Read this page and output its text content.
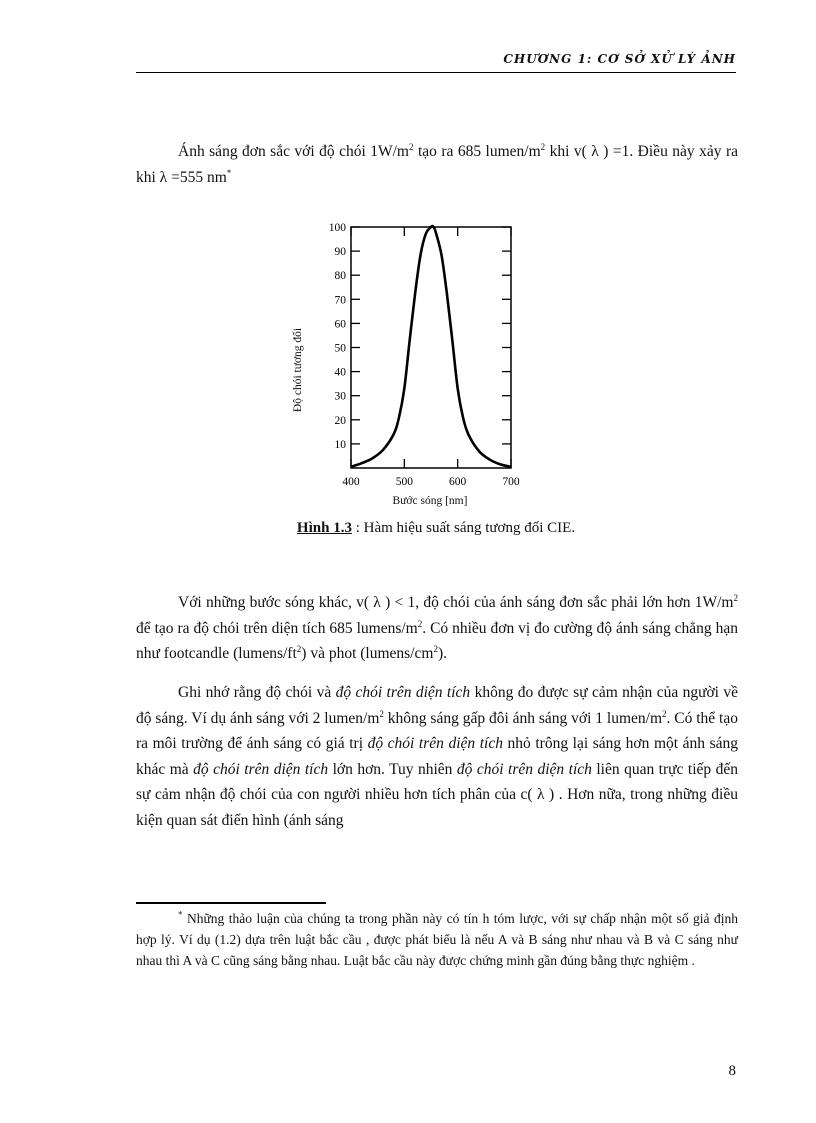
CHƯƠNG 1: CƠ SỞ XỬ LÝ ẢNH

Ánh sáng đơn sắc với độ chói $1W/m^2$ tạo ra 685 lumen/$m^2$ khi v( λ ) =1. Điều này xảy ra khi λ =555 nm*

10
20
30
40
50
60
70
80
90
100
400	500	600	700
Độ chói tương đối
Bước sóng [nm]
Hình 1.3 : Hàm hiệu suất sáng tương đối CIE.

Với những bước sóng khác, v( λ ) < 1, độ chói của ánh sáng đơn sắc phải lớn hơn $1W/m^2$ để tạo ra độ chói trên diện tích 685 lumens/$m^2$. Có nhiều đơn vị đo cường độ ánh sáng chẳng hạn như footcandle $(lumens/ft^2)$ và phot $(lumens/cm^2)$.

Ghi nhớ rằng độ chói và độ chói trên diện tích không đo được sự cảm nhận của người về độ sáng. Ví dụ ánh sáng với 2 lumen/$m^2$ không sáng gấp đôi ánh sáng với 1 lumen/$m^2$. Có thể tạo ra môi trường để ánh sáng có giá trị độ chói trên diện tích nhỏ trông lại sáng hơn một ánh sáng khác mà độ chói trên diện tích lớn hơn. Tuy nhiên độ chói trên diện tích liên quan trực tiếp đến sự cảm nhận độ chói của con người nhiều hơn tích phân của c( λ ) . Hơn nữa, trong những điều kiện quan sát điển hình (ánh sáng

* Những thảo luận của chúng ta trong phần này có tín h tóm lược, với sự chấp nhận một số giả định hợp lý. Ví dụ (1.2) dựa trên luật bắc cầu , được phát biểu là nếu A và B sáng như nhau và B và C sáng như nhau thì A và C cũng sáng bằng nhau. Luật bắc cầu này được chứng minh gần đúng bằng thực nghiệm .

8
